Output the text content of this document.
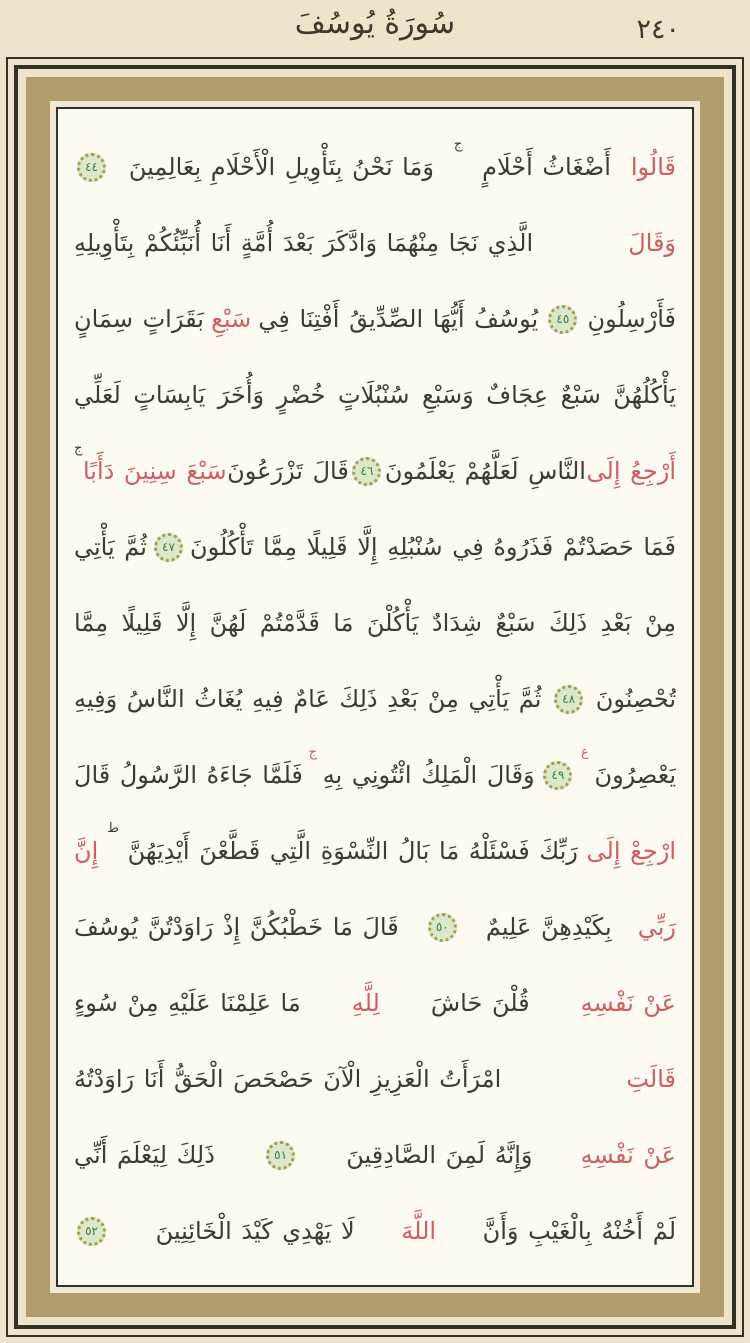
سُورَةُ يُوسُفَ	٢٤٠
قَالُوا
أَضْغَاثُ أَحْلَامٍ
ج
وَمَا نَحْنُ بِتَأْوِيلِ الْأَحْلَامِ بِعَالِمِينَ
٤٤
وَقَالَ
الَّذِي نَجَا مِنْهُمَا وَادَّكَرَ بَعْدَ أُمَّةٍ أَنَا أُنَبِّئُكُمْ بِتَأْوِيلِهِ
فَأَرْسِلُونِ
٤٥
يُوسُفُ أَيُّهَا الصِّدِّيقُ أَفْتِنَا فِي
سَبْعِ
بَقَرَاتٍ سِمَانٍ
يَأْكُلُهُنَّ سَبْعٌ عِجَافٌ وَسَبْعِ سُنْبُلَاتٍ خُضْرٍ وَأُخَرَ يَابِسَاتٍ لَعَلِّي
أَرْجِعُ إِلَى
النَّاسِ لَعَلَّهُمْ يَعْلَمُونَ
٤٦
قَالَ تَزْرَعُونَ
سَبْعَ سِنِينَ دَأَبًا
ج
فَمَا حَصَدْتُمْ فَذَرُوهُ فِي سُنْبُلِهِ إِلَّا قَلِيلًا مِمَّا تَأْكُلُونَ
٤٧
ثُمَّ يَأْتِي
مِنْ بَعْدِ ذَلِكَ سَبْعٌ شِدَادٌ يَأْكُلْنَ مَا قَدَّمْتُمْ لَهُنَّ إِلَّا قَلِيلًا مِمَّا
تُحْصِنُونَ
٤٨
ثُمَّ يَأْتِي مِنْ بَعْدِ ذَلِكَ عَامٌ فِيهِ يُغَاثُ النَّاسُ وَفِيهِ
يَعْصِرُونَ
ع
٤٩
وَقَالَ الْمَلِكُ ائْتُونِي بِهِ
ج
فَلَمَّا جَاءَهُ الرَّسُولُ قَالَ
ارْجِعْ إِلَى
رَبِّكَ فَسْئَلْهُ مَا بَالُ النِّسْوَةِ الَّتِي قَطَّعْنَ أَيْدِيَهُنَّ
ط
إِنَّ
رَبِّي
بِكَيْدِهِنَّ عَلِيمٌ
٥٠
قَالَ مَا خَطْبُكُنَّ إِذْ رَاوَدْتُنَّ يُوسُفَ
عَنْ نَفْسِهِ
قُلْنَ حَاشَ
لِلَّهِ
مَا عَلِمْنَا عَلَيْهِ مِنْ سُوءٍ
قَالَتِ
امْرَأَتُ الْعَزِيزِ الْآنَ حَصْحَصَ الْحَقُّ أَنَا رَاوَدْتُهُ
عَنْ نَفْسِهِ
وَإِنَّهُ لَمِنَ الصَّادِقِينَ
٥١
ذَلِكَ لِيَعْلَمَ أَنِّي
لَمْ أَخُنْهُ بِالْغَيْبِ وَأَنَّ
اللَّهَ
لَا يَهْدِي كَيْدَ الْخَائِنِينَ
٥٢
